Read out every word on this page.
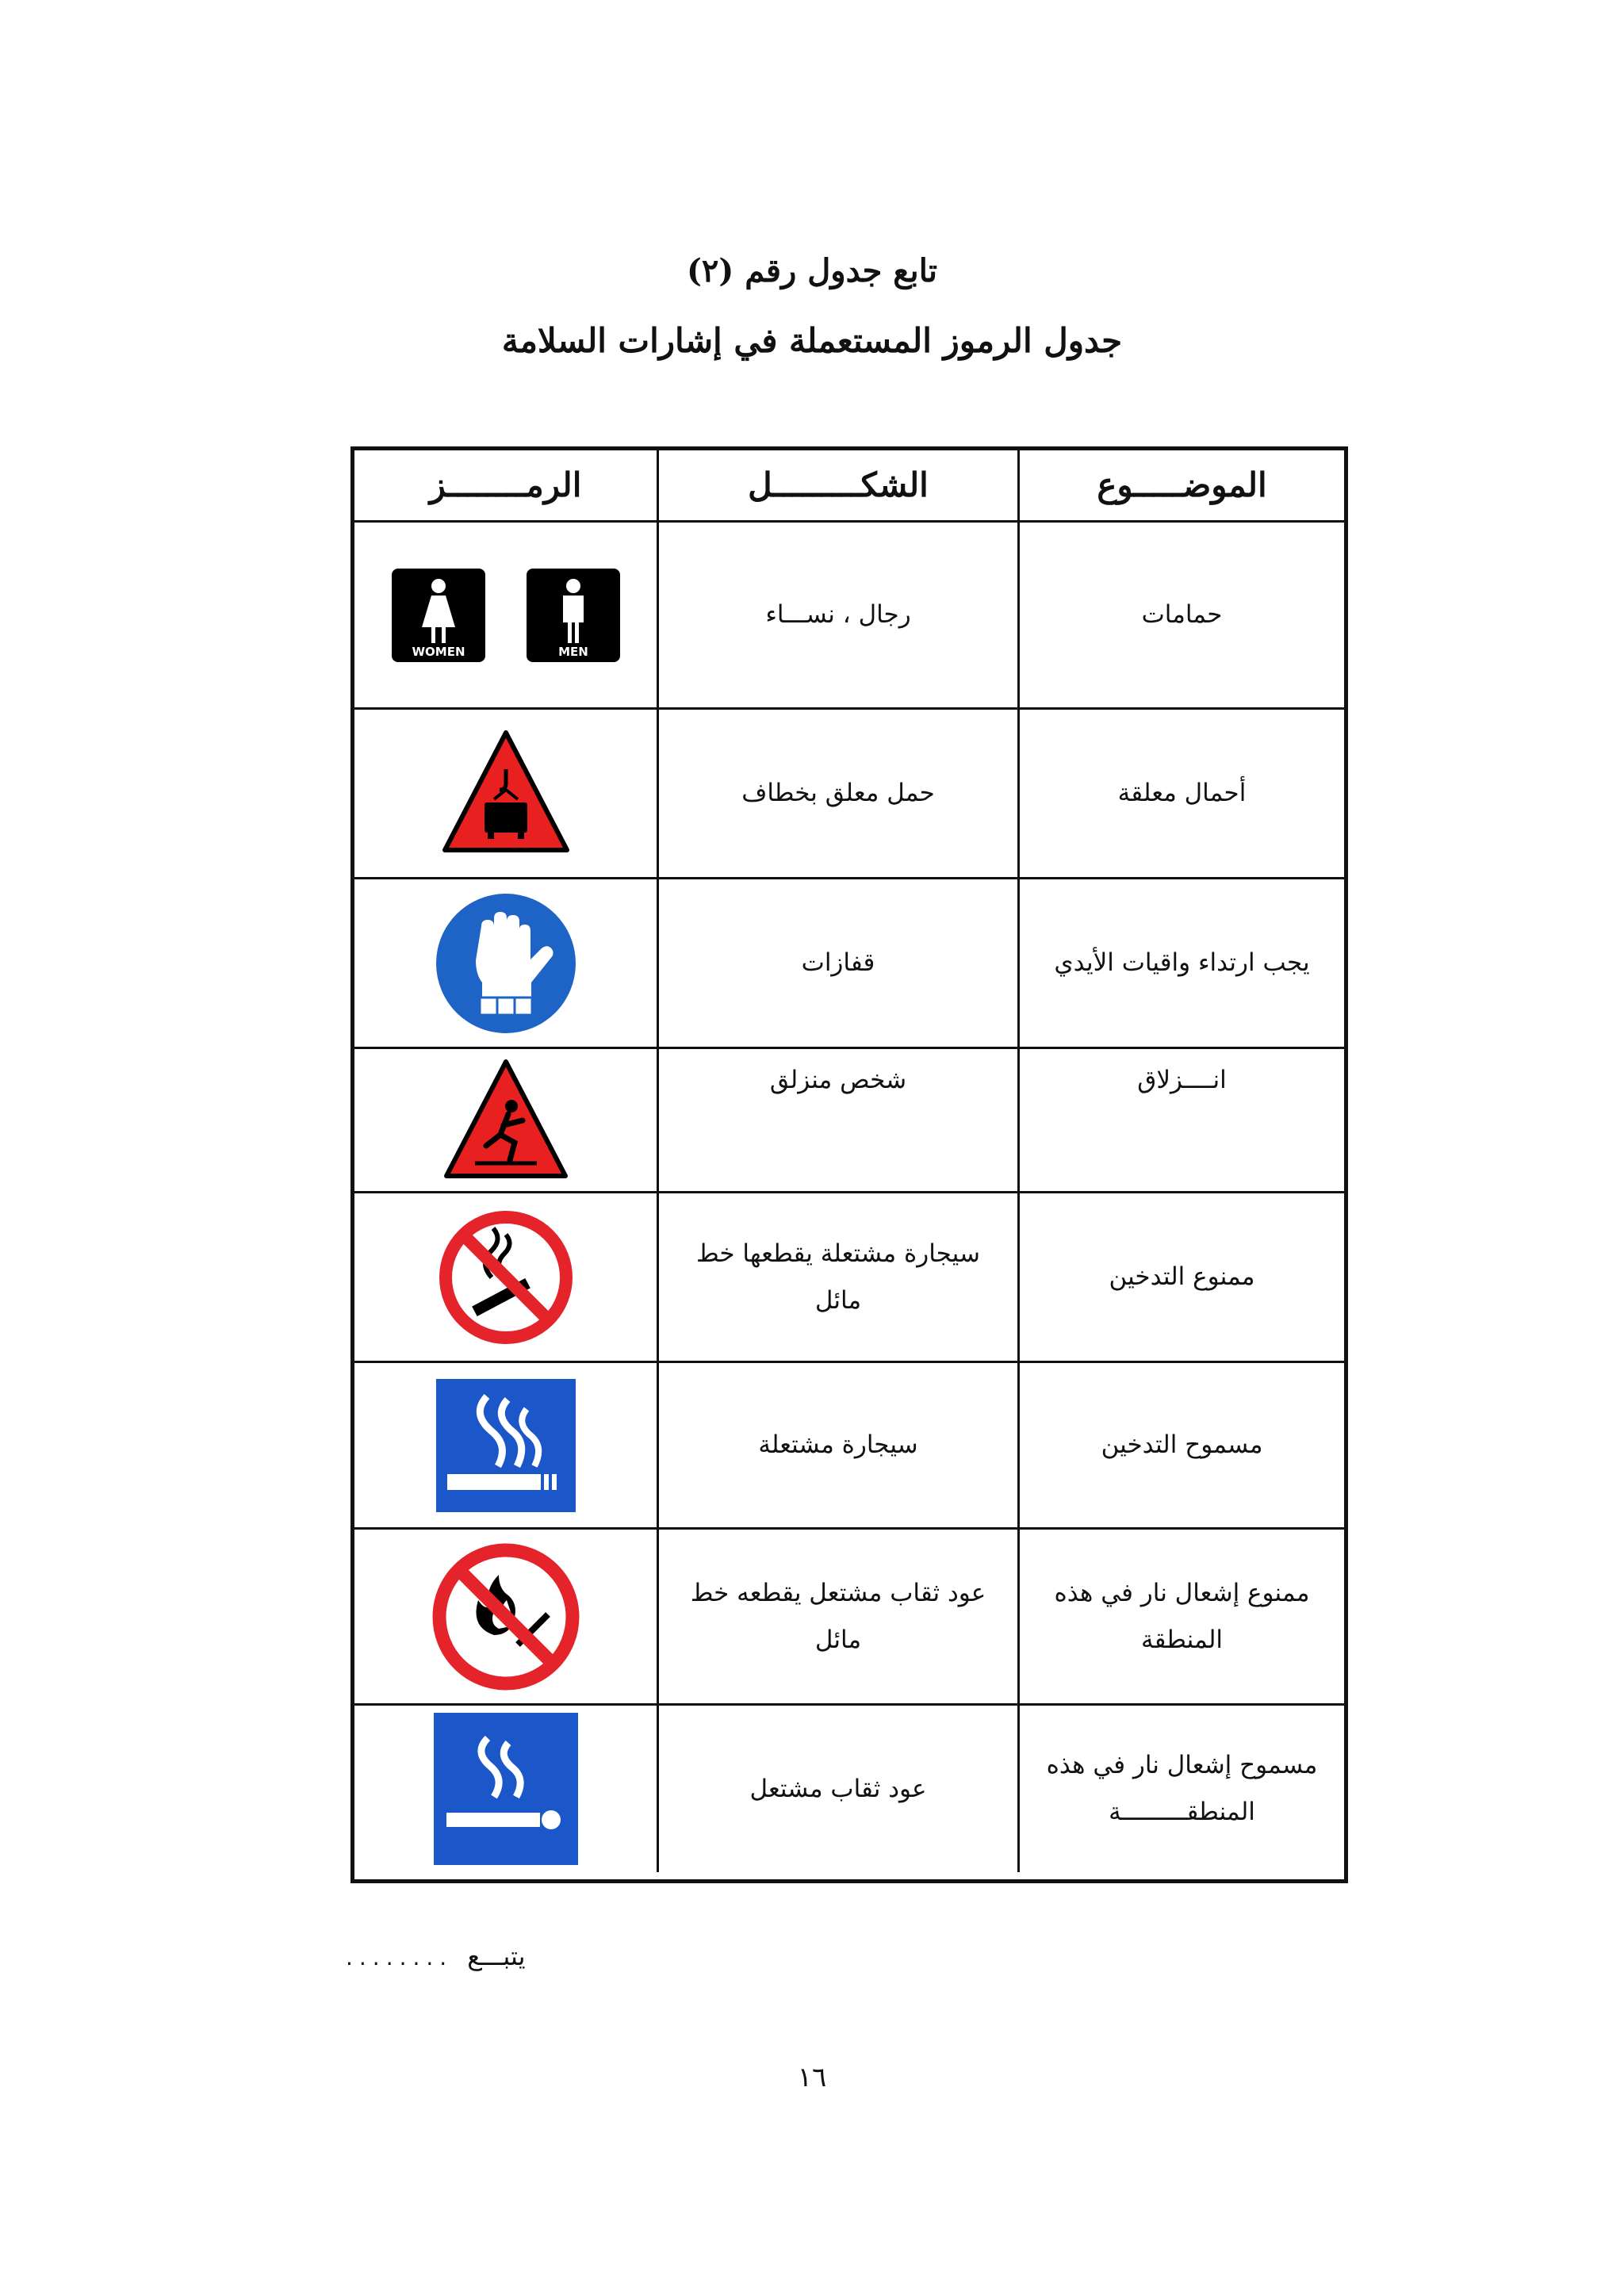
تابع جدول رقم (٢)
جدول الرموز المستعملة في إشارات السلامة
الموضـــــوع
الشكـــــــــل
الرمــــــــز
حمامات
رجال ، نســـاء
MEN
WOMEN
أحمال معلقة
حمل معلق بخطاف
يجب ارتداء واقيات الأيدي
قفازات
انــــزلاق
شخص منزلق
ممنوع التدخين
سيجارة مشتعلة يقطعها خط مائل
مسموح التدخين
سيجارة مشتعلة
ممنوع إشعال نار في هذه المنطقة
عود ثقاب مشتعل يقطعه خط مائل
مسموح إشعال نار في هذه المنطقـــــــــة
عود ثقاب مشتعل
يتبـــع
........
١٦
